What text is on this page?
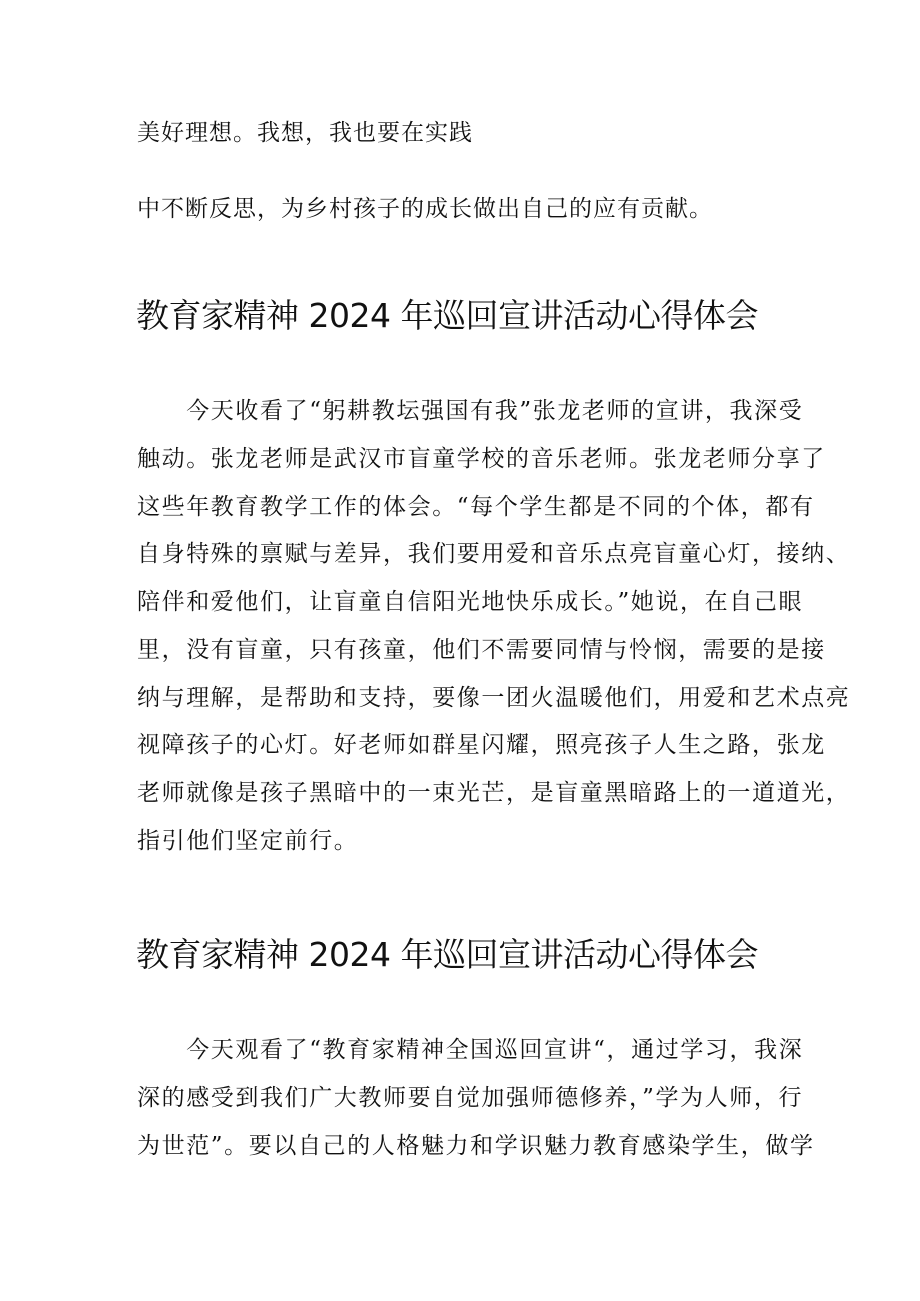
美好理想。我想，我也要在实践
中不断反思，为乡村孩子的成长做出自己的应有贡献。
教育家精神 2024 年巡回宣讲活动心得体会
　　今天收看了“躬耕教坛强国有我”张龙老师的宣讲，我深受
触动。张龙老师是武汉市盲童学校的音乐老师。张龙老师分享了
这些年教育教学工作的体会。“每个学生都是不同的个体，都有
自身特殊的禀赋与差异，我们要用爱和音乐点亮盲童心灯，接纳、
陪伴和爱他们，让盲童自信阳光地快乐成长。”她说，在自己眼
里，没有盲童，只有孩童，他们不需要同情与怜悯，需要的是接
纳与理解，是帮助和支持，要像一团火温暖他们，用爱和艺术点亮
视障孩子的心灯。好老师如群星闪耀，照亮孩子人生之路，张龙
老师就像是孩子黑暗中的一束光芒，是盲童黑暗路上的一道道光，
指引他们坚定前行。
教育家精神 2024 年巡回宣讲活动心得体会
　　今天观看了“教育家精神全国巡回宣讲“，通过学习，我深
深的感受到我们广大教师要自觉加强师德修养，”学为人师，行
为世范”。要以自己的人格魅力和学识魅力教育感染学生，做学
